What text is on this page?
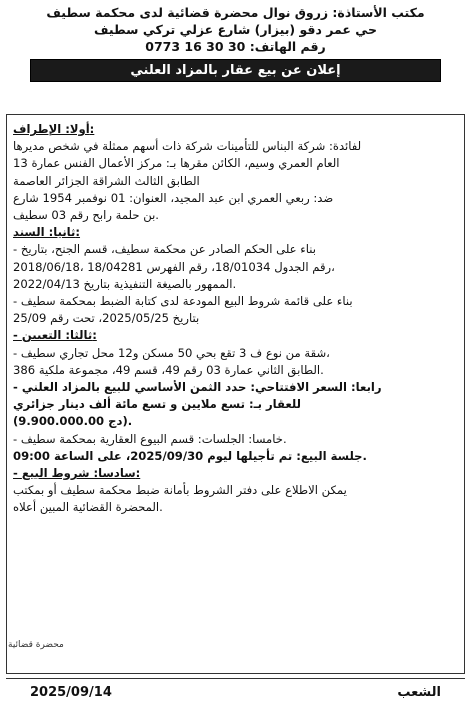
مكتب الأستاذة: زروق نوال محضرة قضائية لدى محكمة سطيف
حي عمر دقو (بيزار) شارع عزلي تركي سطيف
رقم الهاتف: 30 30 16 0773
إعلان عن بيع عقار بالمزاد العلني
أولا: الإطراف:
لفائدة: شركة البناس للتأمينات شركة ذات أسهم ممثلة في شخص مديرها
العام العمري وسيم، الكائن مقرها بـ: مركز الأعمال الفنس عمارة 13
الطابق الثالث الشراقة الجزائر العاصمة
ضد: ربعي العمري ابن عبد المجيد، العنوان: 01 نوفمبر 1954 شارع
بن حلمة رابح رقم 03 سطيف.
ثانيا: السند:
- بناء على الحكم الصادر عن محكمة سطيف، قسم الجنح، بتاريخ
2018/06/18، رقم الجدول 18/01034، رقم الفهرس 18/04281،
الممهور بالصيغة التنفيذية بتاريخ 2022/04/13.
- بناء على قائمة شروط البيع المودعة لدى كتابة الضبط بمحكمة سطيف
بتاريخ 2025/05/25، تحت رقم 25/09
- ثالثا: التعيين:
- شقة من نوع ف 3 تقع بحي 50 مسكن و12 محل تجاري سطيف،
الطابق الثاني عمارة 03 رقم 49، قسم 49، مجموعة ملكية 386.
- رابعا: السعر الافتتاحي: حدد الثمن الأساسي للبيع بالمزاد العلني
للعقار بـ: تسع ملايين و تسع مائة ألف دينار جزائري
(9.900.000.00 دج).
- خامسا: الجلسات: قسم البيوع العقارية بمحكمة سطيف.
جلسة البيع: تم تأجيلها ليوم 2025/09/30، على الساعة 09:00.
- سادسا: شروط البيع:
يمكن الاطلاع على دفتر الشروط بأمانة ضبط محكمة سطيف أو بمكتب
المحضرة القضائية المبين أعلاه.
محضرة قضائية
الشعب
2025/09/14
